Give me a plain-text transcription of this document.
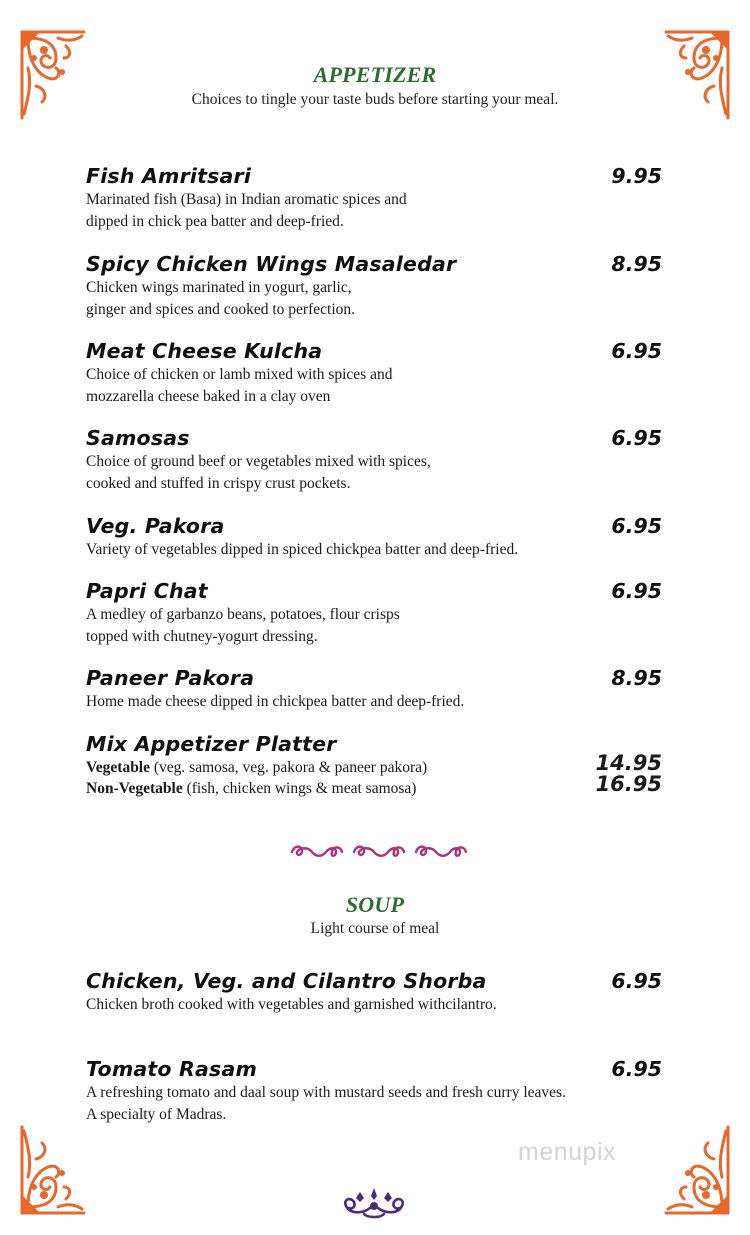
APPETIZER
Choices to tingle your taste buds before starting your meal.
Fish Amritsari	9.95
Marinated fish (Basa) in Indian aromatic spices and
dipped in chick pea batter and deep-fried.
Spicy Chicken Wings Masaledar	8.95
Chicken wings marinated in yogurt, garlic,
ginger and spices and cooked to perfection.
Meat Cheese Kulcha	6.95
Choice of chicken or lamb mixed with spices and
mozzarella cheese baked in a clay oven
Samosas	6.95
Choice of ground beef or vegetables mixed with spices,
cooked and stuffed in crispy crust pockets.
Veg. Pakora	6.95
Variety of vegetables dipped in spiced chickpea batter and deep-fried.
Papri Chat	6.95
A medley of garbanzo beans, potatoes, flour crisps
topped with chutney-yogurt dressing.
Paneer Pakora	8.95
Home made cheese dipped in chickpea batter and deep-fried.
Mix Appetizer Platter
Vegetable (veg. samosa, veg. pakora & paneer pakora)	14.95
Non-Vegetable (fish, chicken wings & meat samosa)	16.95
SOUP
Light course of meal
Chicken, Veg. and Cilantro Shorba	6.95
Chicken broth cooked with vegetables and garnished withcilantro.
Tomato Rasam	6.95
A refreshing tomato and daal soup with mustard seeds and fresh curry leaves.
A specialty of Madras.
menupix
